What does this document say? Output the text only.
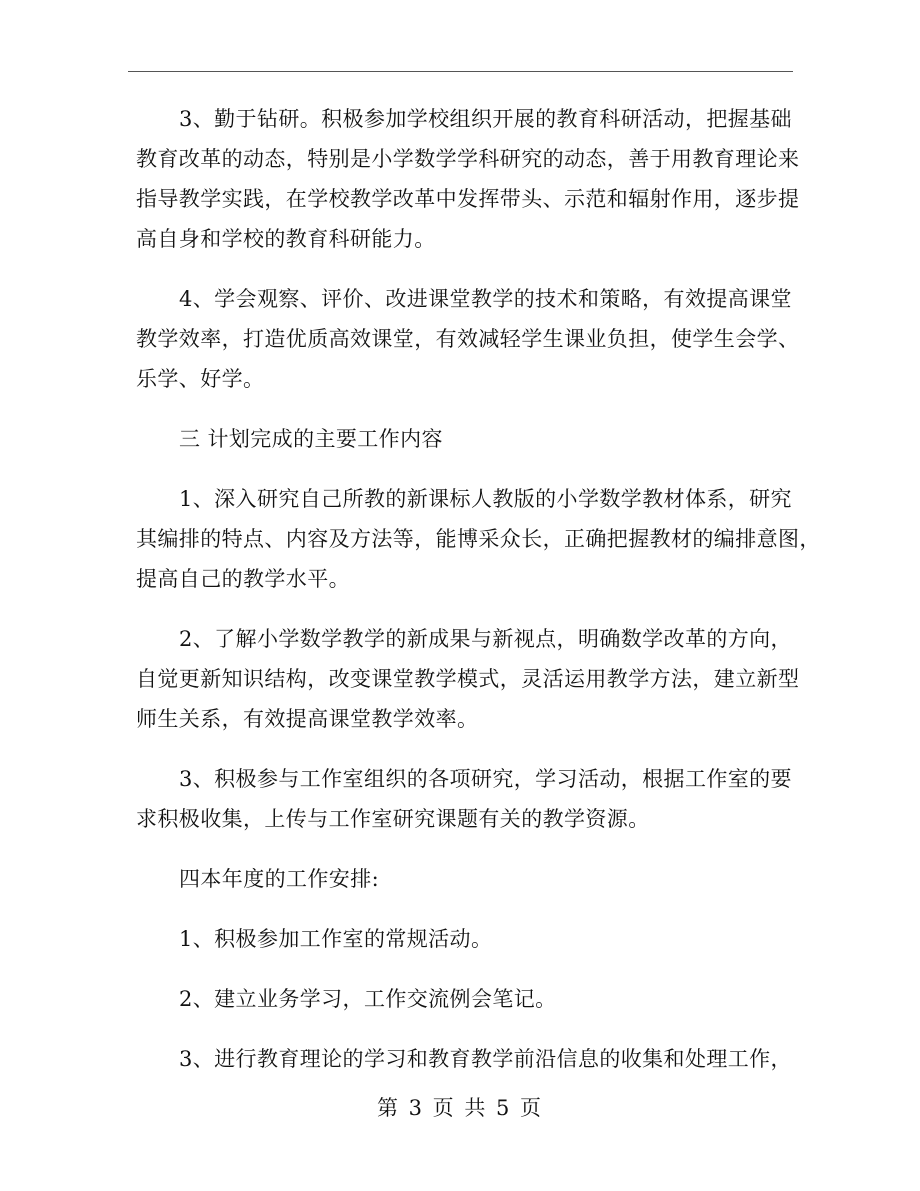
3、勤于钻研。积极参加学校组织开展的教育科研活动，把握基础
教育改革的动态，特别是小学数学学科研究的动态，善于用教育理论来
指导教学实践，在学校教学改革中发挥带头、示范和辐射作用，逐步提
高自身和学校的教育科研能力。

4、学会观察、评价、改进课堂教学的技术和策略，有效提高课堂
教学效率，打造优质高效课堂，有效减轻学生课业负担，使学生会学、
乐学、好学。

三 计划完成的主要工作内容

1、深入研究自己所教的新课标人教版的小学数学教材体系，研究
其编排的特点、内容及方法等，能博采众长，正确把握教材的编排意图，
提高自己的教学水平。

2、了解小学数学教学的新成果与新视点，明确数学改革的方向，
自觉更新知识结构，改变课堂教学模式，灵活运用教学方法，建立新型
师生关系，有效提高课堂教学效率。

3、积极参与工作室组织的各项研究，学习活动，根据工作室的要
求积极收集，上传与工作室研究课题有关的教学资源。

四本年度的工作安排:

1、积极参加工作室的常规活动。

2、建立业务学习，工作交流例会笔记。

3、进行教育理论的学习和教育教学前沿信息的收集和处理工作，

第 3 页 共 5 页
